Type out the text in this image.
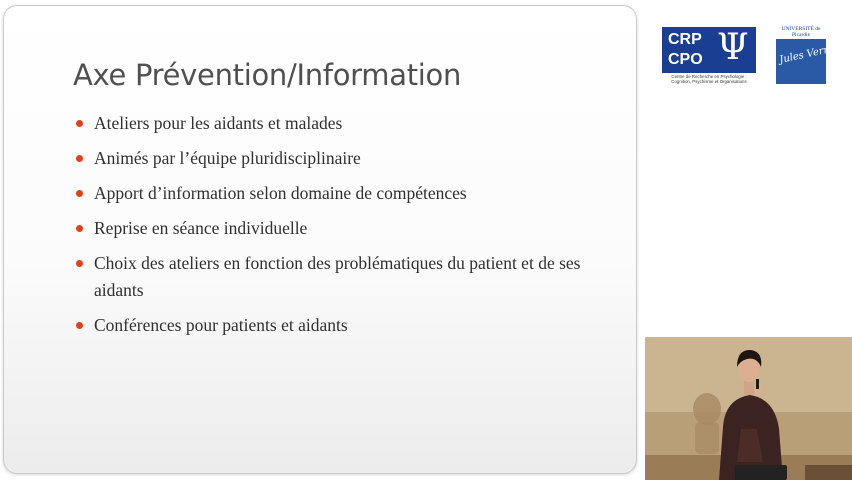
Axe Prévention/Information
Ateliers pour les aidants et malades
Animés par l’équipe pluridisciplinaire
Apport d’information selon domaine de compétences
Reprise en séance individuelle
Choix des ateliers en fonction des problématiques du patient et de ses aidants
Conférences pour patients et aidants
CRP
CPO Ψ
Centre de Recherche en Psychologie : Cognition, Psychisme et Organisations
UNIVERSITÉ de Picardie
Jules Verne
